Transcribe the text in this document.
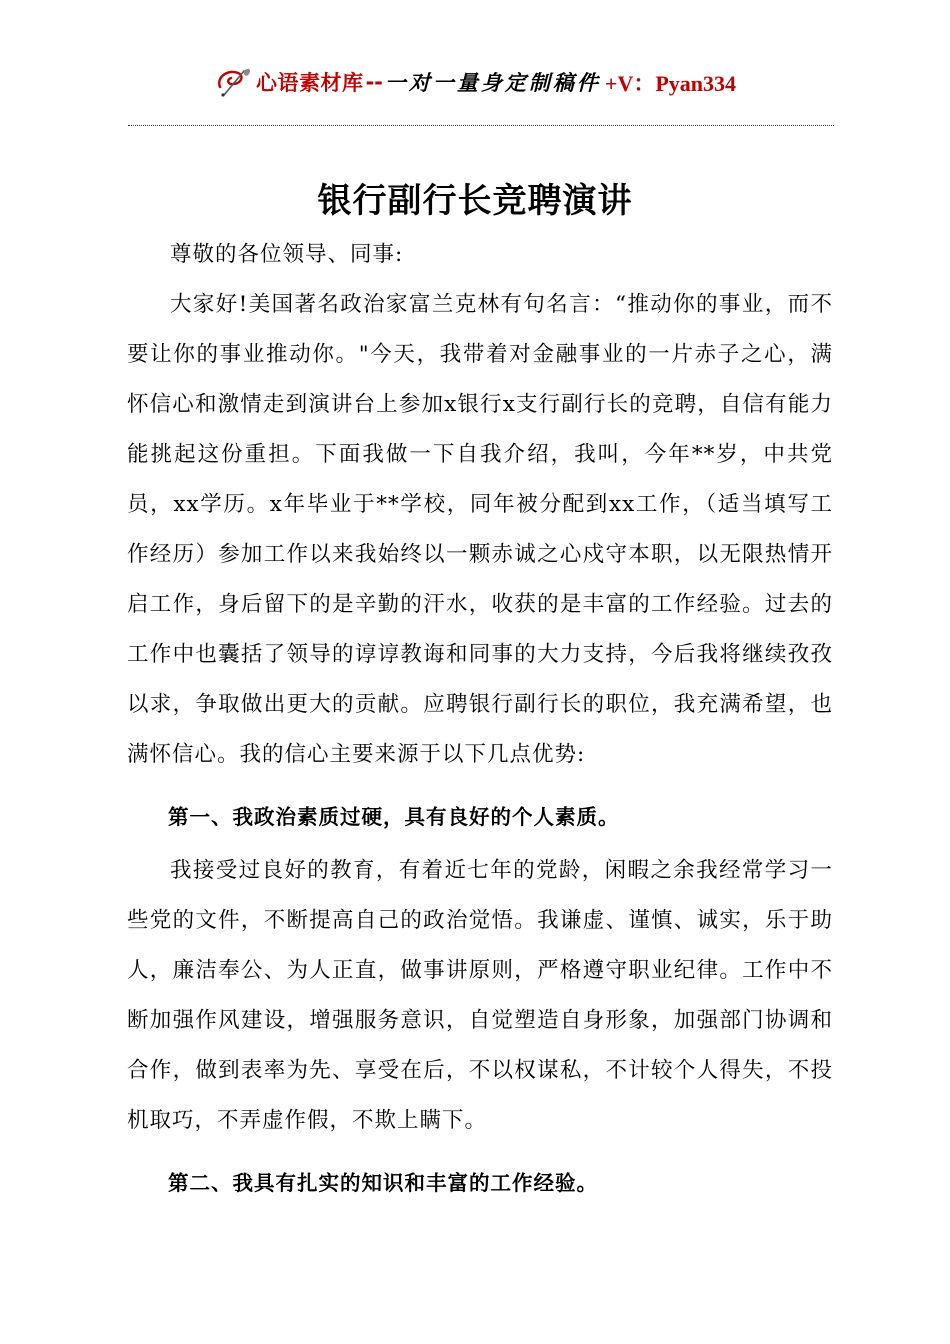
心语素材库 -- 一对一量身定制稿件 +V：Pyan334
银行副行长竞聘演讲

尊敬的各位领导、同事:

大家好!美国著名政治家富兰克林有句名言：“推动你的事业，而不要让你的事业推动你。"今天，我带着对金融事业的一片赤子之心，满怀信心和激情走到演讲台上参加x银行x支行副行长的竞聘，自信有能力能挑起这份重担。下面我做一下自我介绍，我叫，今年**岁，中共党员，xx学历。x年毕业于**学校，同年被分配到xx工作，（适当填写工作经历）参加工作以来我始终以一颗赤诚之心戍守本职，以无限热情开启工作，身后留下的是辛勤的汗水，收获的是丰富的工作经验。过去的工作中也囊括了领导的谆谆教诲和同事的大力支持，今后我将继续孜孜以求，争取做出更大的贡献。应聘银行副行长的职位，我充满希望，也满怀信心。我的信心主要来源于以下几点优势:

第一、我政治素质过硬，具有良好的个人素质。

我接受过良好的教育，有着近七年的党龄，闲暇之余我经常学习一些党的文件，不断提高自己的政治觉悟。我谦虚、谨慎、诚实，乐于助人，廉洁奉公、为人正直，做事讲原则，严格遵守职业纪律。工作中不断加强作风建设，增强服务意识，自觉塑造自身形象，加强部门协调和合作，做到表率为先、享受在后，不以权谋私，不计较个人得失，不投机取巧，不弄虚作假，不欺上瞒下。

第二、我具有扎实的知识和丰富的工作经验。
